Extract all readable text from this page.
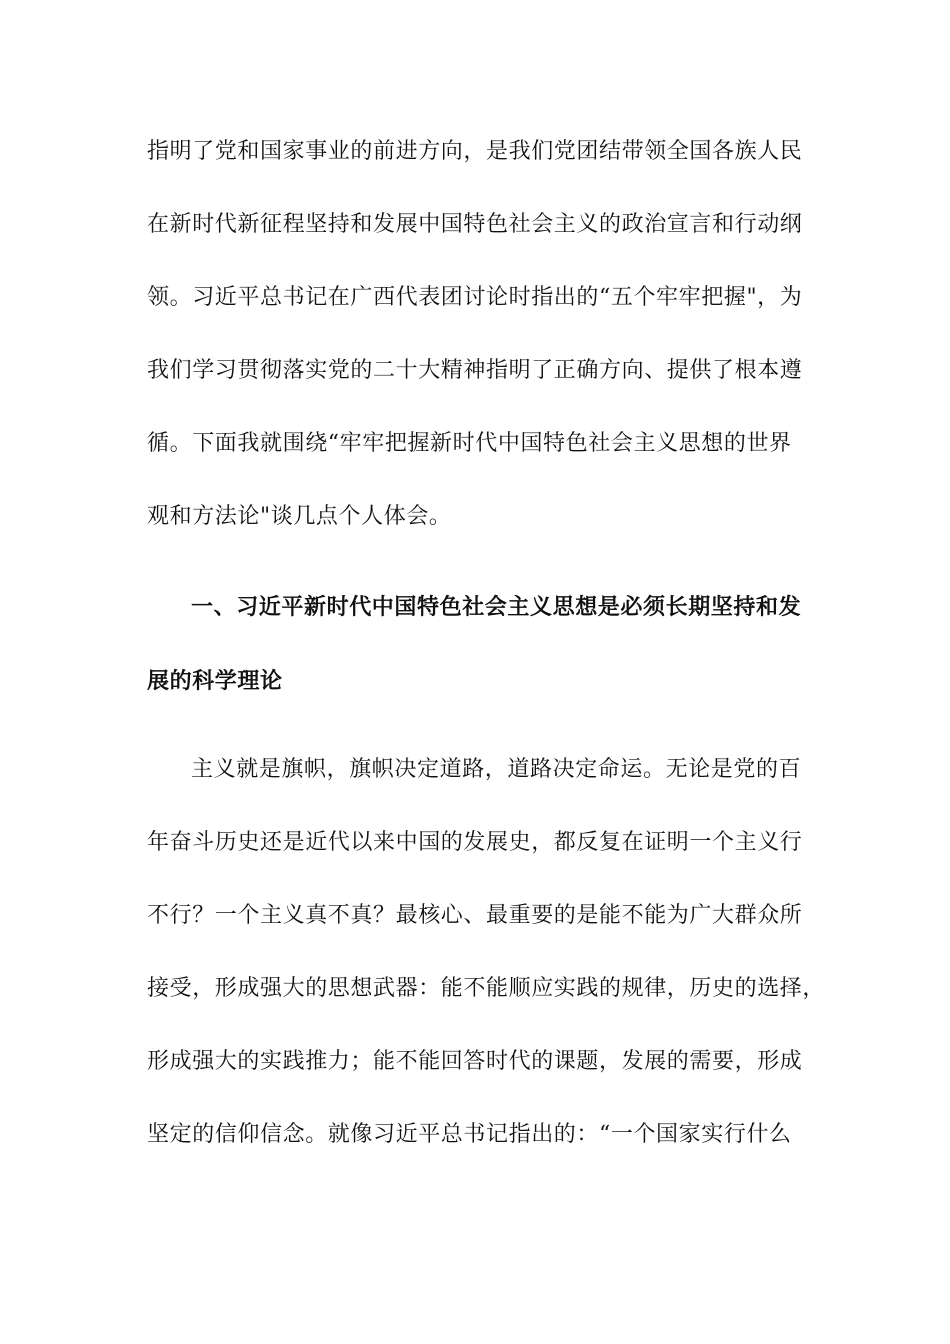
指明了党和国家事业的前进方向，是我们党团结带领全国各族人民
在新时代新征程坚持和发展中国特色社会主义的政治宣言和行动纲
领。习近平总书记在广西代表团讨论时指出的“五个牢牢把握"，为
我们学习贯彻落实党的二十大精神指明了正确方向、提供了根本遵
循。下面我就围绕“牢牢把握新时代中国特色社会主义思想的世界
观和方法论"谈几点个人体会。
一、习近平新时代中国特色社会主义思想是必须长期坚持和发
展的科学理论
主义就是旗帜，旗帜决定道路，道路决定命运。无论是党的百
年奋斗历史还是近代以来中国的发展史，都反复在证明一个主义行
不行？一个主义真不真？最核心、最重要的是能不能为广大群众所
接受，形成强大的思想武器：能不能顺应实践的规律，历史的选择，
形成强大的实践推力；能不能回答时代的课题，发展的需要，形成
坚定的信仰信念。就像习近平总书记指出的：“一个国家实行什么
